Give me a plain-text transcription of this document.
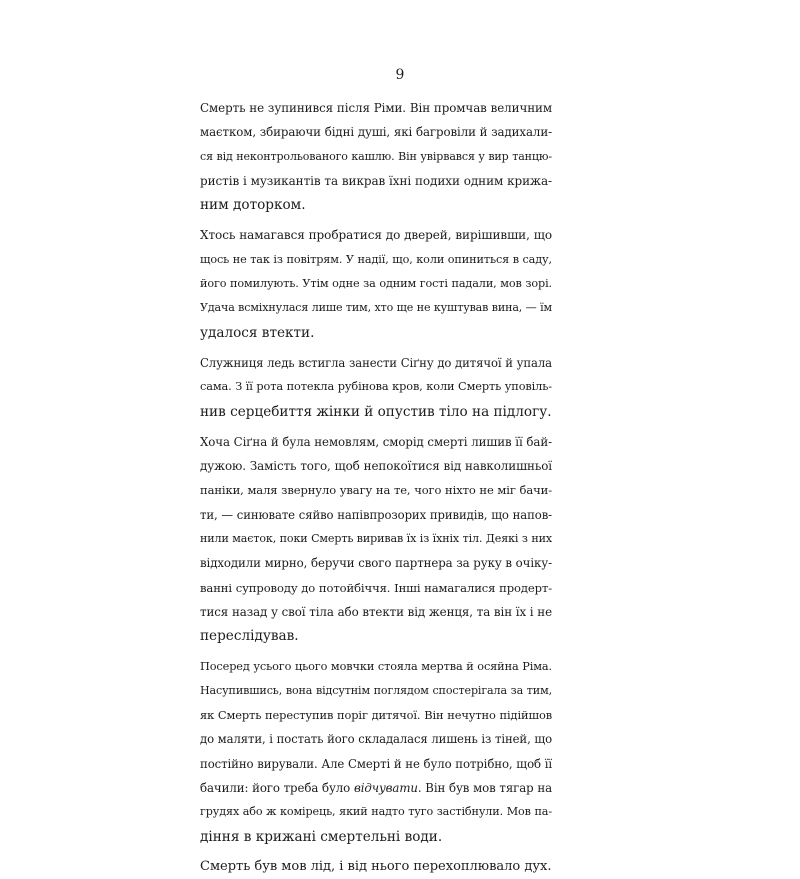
9

Смерть не зупинився після Ріми. Він промчав величним
маєтком, збираючи бідні душі, які багровіли й задихали-
ся від неконтрольованого кашлю. Він увірвався у вир танцю-
ристів і музикантів та викрав їхні подихи одним крижа-
ним доторком.

Хтось намагався пробратися до дверей, вирішивши, що
щось не так із повітрям. У надії, що, коли опиниться в саду,
його помилують. Утім одне за одним гості падали, мов зорі.
Удача всміхнулася лише тим, хто ще не куштував вина, — їм
удалося втекти.

Служниця ледь встигла занести Сіґну до дитячої й упала
сама. З її рота потекла рубінова кров, коли Смерть уповіль-
нив серцебиття жінки й опустив тіло на підлогу.

Хоча Сіґна й була немовлям, сморід смерті лишив її бай-
дужою. Замість того, щоб непокоїтися від навколишньої
паніки, маля звернуло увагу на те, чого ніхто не міг бачи-
ти, — синювате сяйво напівпрозорих привидів, що напов-
нили маєток, поки Смерть виривав їх із їхніх тіл. Деякі з них
відходили мирно, беручи свого партнера за руку в очіку-
ванні супроводу до потойбіччя. Інші намагалися продерт-
тися назад у свої тіла або втекти від женця, та він їх і не
переслідував.

Посеред усього цього мовчки стояла мертва й осяйна Ріма.
Насупившись, вона відсутнім поглядом спостерігала за тим,
як Смерть переступив поріг дитячої. Він нечутно підійшов
до маляти, і постать його складалася лишень із тіней, що
постійно вирували. Але Смерті й не було потрібно, щоб її
бачили: його треба було відчувати. Він був мов тягар на
грудях або ж комірець, який надто туго застібнули. Мов па-
діння в крижані смертельні води.

Смерть був мов лід, і від нього перехоплювало дух.
